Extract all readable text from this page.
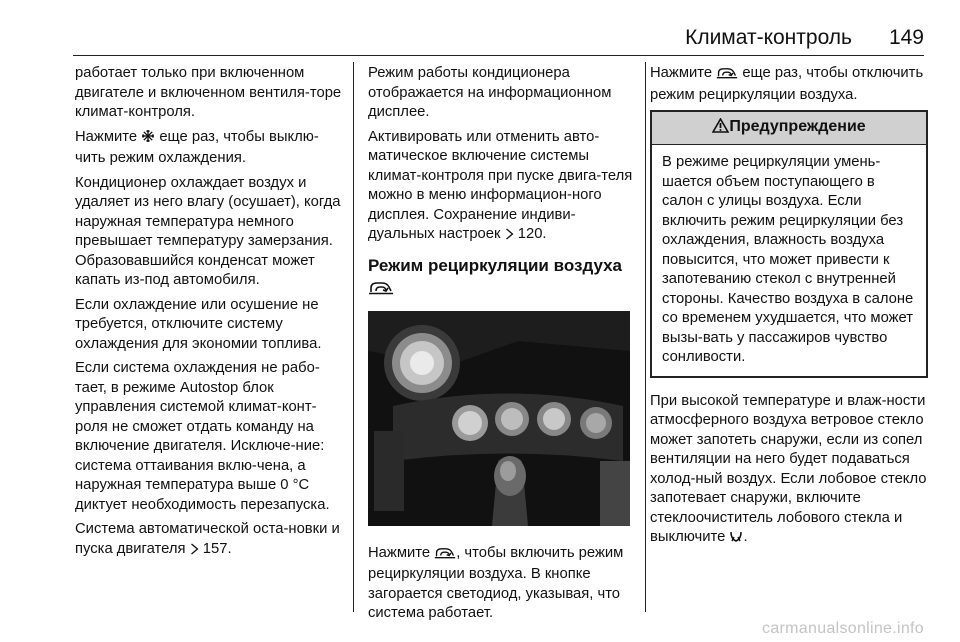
Климат-контроль 149

работает только при включенном двигателе и включенном вентиля-торе климат-контроля.

Нажмите  еще раз, чтобы выклю-чить режим охлаждения.

Кондиционер охлаждает воздух и удаляет из него влагу (осушает), когда наружная температура немного превышает температуру замерзания. Образовавшийся конденсат может капать из-под автомобиля.

Если охлаждение или осушение не требуется, отключите систему охлаждения для экономии топлива.

Если система охлаждения не рабо-тает, в режиме Autostop блок управления системой климат-конт-роля не сможет отдать команду на включение двигателя. Исключе-ние: система оттаивания вклю-чена, а наружная температура выше 0 °C диктует необходимость перезапуска.

Система автоматической оста-новки и пуска двигателя  157.

Режим работы кондиционера отображается на информационном дисплее.

Активировать или отменить авто-матическое включение системы климат-контроля при пуске двига-теля можно в меню информацион-ного дисплея. Сохранение индиви-дуальных настроек  120.

Режим рециркуляции воздуха

Нажмите , чтобы включить режим рециркуляции воздуха. В кнопке загорается светодиод, указывая, что система работает.

Нажмите  еще раз, чтобы отключить режим рециркуляции воздуха.

Предупреждение
В режиме рециркуляции умень-шается объем поступающего в салон с улицы воздуха. Если включить режим рециркуляции без охлаждения, влажность воздуха повысится, что может привести к запотеванию стекол с внутренней стороны. Качество воздуха в салоне со временем ухудшается, что может вызы-вать у пассажиров чувство сонливости.

При высокой температуре и влаж-ности атмосферного воздуха ветровое стекло может запотеть снаружи, если из сопел вентиляции на него будет подаваться холод-ный воздух. Если лобовое стекло запотевает снаружи, включите стеклоочиститель лобового стекла и выключите .

carmanualsonline.info
